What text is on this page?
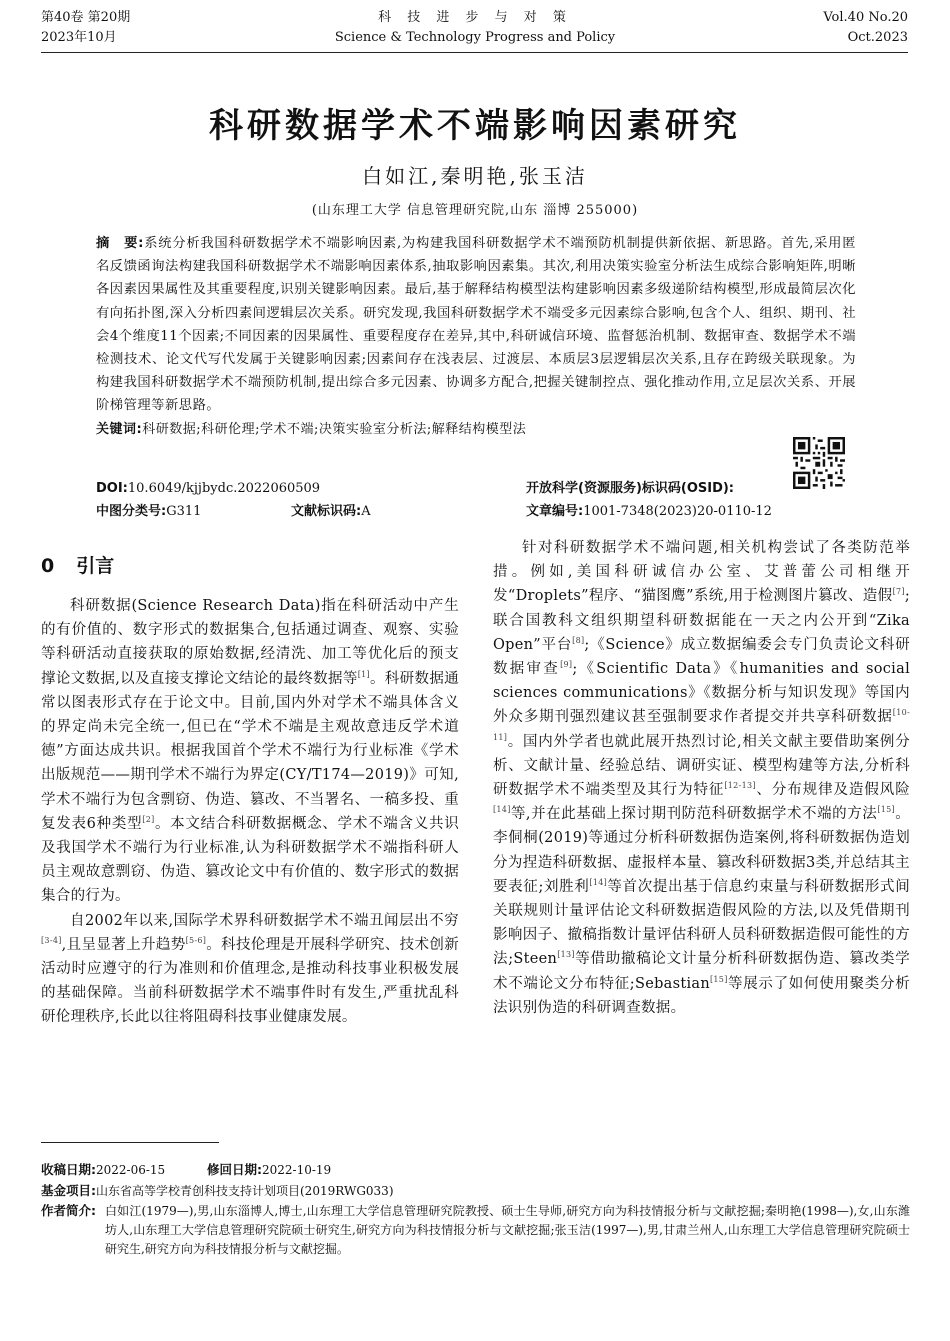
第40卷 第20期
2023年10月
科 技 进 步 与 对 策
Science & Technology Progress and Policy
Vol.40 No.20
Oct.2023
科研数据学术不端影响因素研究
白如江,秦明艳,张玉洁
(山东理工大学 信息管理研究院,山东 淄博 255000)
摘　要:系统分析我国科研数据学术不端影响因素,为构建我国科研数据学术不端预防机制提供新依据、新思路。首先,采用匿名反馈函询法构建我国科研数据学术不端影响因素体系,抽取影响因素集。其次,利用决策实验室分析法生成综合影响矩阵,明晰各因素因果属性及其重要程度,识别关键影响因素。最后,基于解释结构模型法构建影响因素多级递阶结构模型,形成最简层次化有向拓扑图,深入分析四素间逻辑层次关系。研究发现,我国科研数据学术不端受多元因素综合影响,包含个人、组织、期刊、社会4个维度11个因素;不同因素的因果属性、重要程度存在差异,其中,科研诚信环境、监督惩治机制、数据审查、数据学术不端检测技术、论文代写代发属于关键影响因素;因素间存在浅表层、过渡层、本质层3层逻辑层次关系,且存在跨级关联现象。为构建我国科研数据学术不端预防机制,提出综合多元因素、协调多方配合,把握关键制控点、强化推动作用,立足层次关系、开展阶梯管理等新思路。
关键词:科研数据;科研伦理;学术不端;决策实验室分析法;解释结构模型法
DOI:10.6049/kjjbydc.2022060509	开放科学(资源服务)标识码(OSID):
中图分类号:G311	文献标识码:A	文章编号:1001-7348(2023)20-0110-12
0 引言

科研数据(Science Research Data)指在科研活动中产生的有价值的、数字形式的数据集合,包括通过调查、观察、实验等科研活动直接获取的原始数据,经清洗、加工等优化后的预支撑论文数据,以及直接支撑论文结论的最终数据等[1]。科研数据通常以图表形式存在于论文中。目前,国内外对学术不端具体含义的界定尚未完全统一,但已在“学术不端是主观故意违反学术道德”方面达成共识。根据我国首个学术不端行为行业标准《学术出版规范——期刊学术不端行为界定(CY/T174—2019)》可知,学术不端行为包含剽窃、伪造、篡改、不当署名、一稿多投、重复发表6种类型[2]。本文结合科研数据概念、学术不端含义共识及我国学术不端行为行业标准,认为科研数据学术不端指科研人员主观故意剽窃、伪造、篡改论文中有价值的、数字形式的数据集合的行为。

自2002年以来,国际学术界科研数据学术不端丑闻层出不穷[3-4],且呈显著上升趋势[5-6]。科技伦理是开展科学研究、技术创新活动时应遵守的行为准则和价值理念,是推动科技事业积极发展的基础保障。当前科研数据学术不端事件时有发生,严重扰乱科研伦理秩序,长此以往将阻碍科技事业健康发展。

针对科研数据学术不端问题,相关机构尝试了各类防范举措。例如,美国科研诚信办公室、艾普蕾公司相继开发“Droplets”程序、“猫图鹰”系统,用于检测图片篡改、造假[7];联合国教科文组织期望科研数据能在一天之内公开到“Zika Open”平台[8];《Science》成立数据编委会专门负责论文科研数据审查[9];《Scientific Data》《humanities and social sciences communications》《数据分析与知识发现》等国内外众多期刊强烈建议甚至强制要求作者提交并共享科研数据[10-11]。国内外学者也就此展开热烈讨论,相关文献主要借助案例分析、文献计量、经验总结、调研实证、模型构建等方法,分析科研数据学术不端类型及其行为特征[12-13]、分布规律及造假风险[14]等,并在此基础上探讨期刊防范科研数据学术不端的方法[15]。李侗桐(2019)等通过分析科研数据伪造案例,将科研数据伪造划分为捏造科研数据、虚报样本量、篡改科研数据3类,并总结其主要表征;刘胜利[14]等首次提出基于信息约束量与科研数据形式间关联规则计量评估论文科研数据造假风险的方法,以及凭借期刊影响因子、撤稿指数计量评估科研人员科研数据造假可能性的方法;Steen[13]等借助撤稿论文计量分析科研数据伪造、篡改类学术不端论文分布特征;Sebastian[15]等展示了如何使用聚类分析法识别伪造的科研调查数据。

收稿日期:2022-06-15	修回日期:2022-10-19
基金项目:山东省高等学校青创科技支持计划项目(2019RWG033)
作者简介: 白如江(1979—),男,山东淄博人,博士,山东理工大学信息管理研究院教授、硕士生导师,研究方向为科技情报分析与文献挖掘;秦明艳(1998—),女,山东潍坊人,山东理工大学信息管理研究院硕士研究生,研究方向为科技情报分析与文献挖掘;张玉洁(1997—),男,甘肃兰州人,山东理工大学信息管理研究院硕士研究生,研究方向为科技情报分析与文献挖掘。
